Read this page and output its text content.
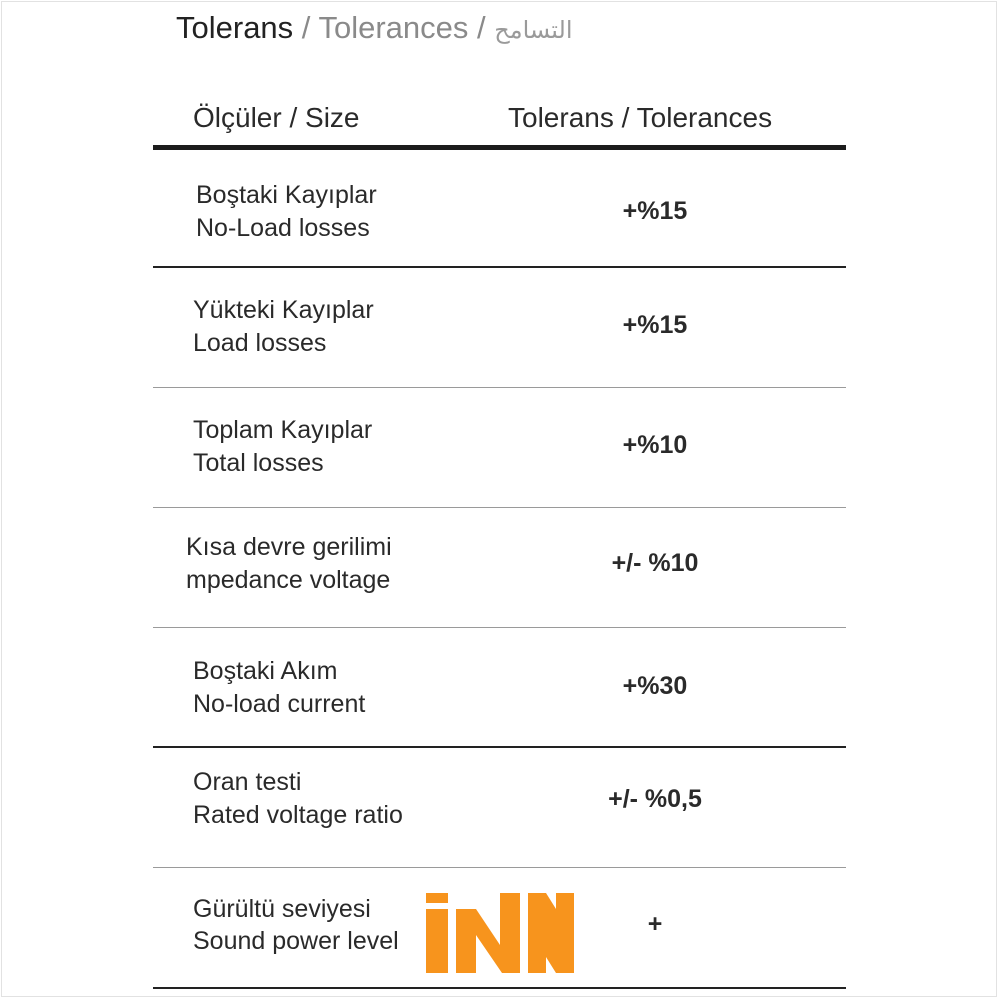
Tolerans / Tolerances / التسامح
Ölçüler / Size	Tolerans / Tolerances
Boştaki Kayıplar
No-Load losses
+%15
Yükteki Kayıplar
Load losses
+%15
Toplam Kayıplar
Total losses
+%10
Kısa devre gerilimi
mpedance voltage
+/- %10
Boştaki Akım
No-load current
+%30
Oran testi
Rated voltage ratio
+/- %0,5
Gürültü seviyesi
Sound power level
+
